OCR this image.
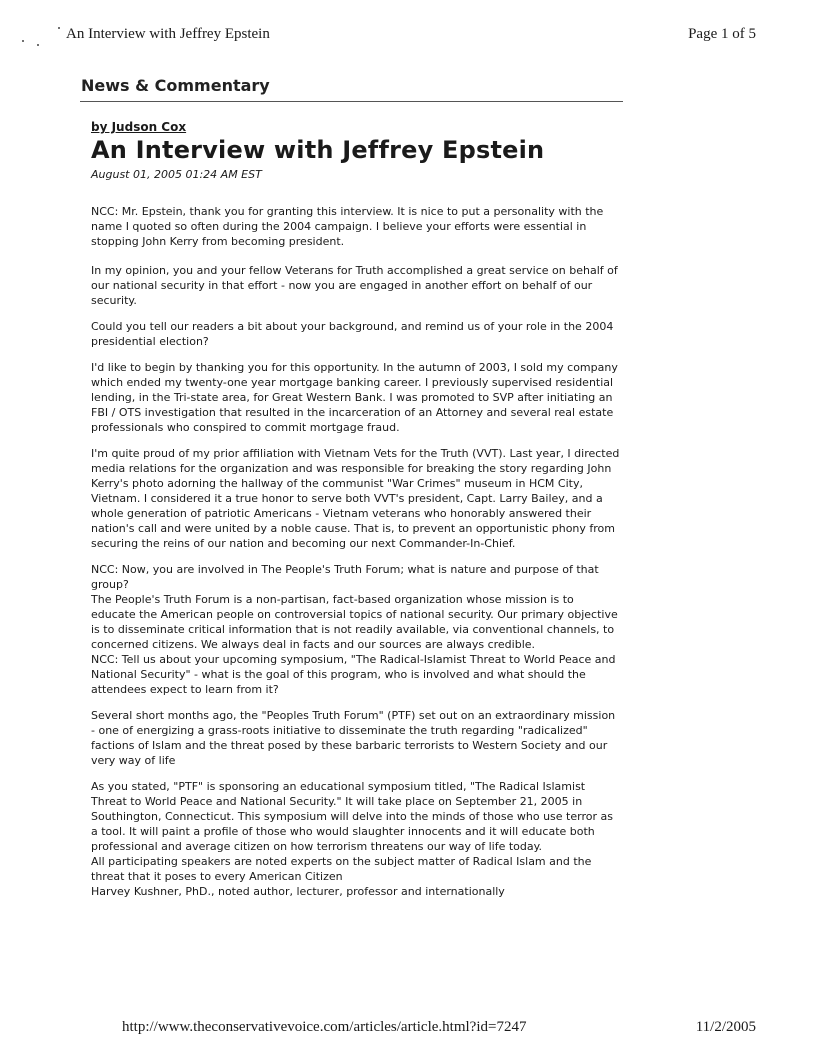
An Interview with Jeffrey Epstein	Page 1 of 5
News & Commentary

by Judson Cox

An Interview with Jeffrey Epstein

August 01, 2005 01:24 AM EST

NCC: Mr. Epstein, thank you for granting this interview. It is nice to put a personality with the name I quoted so often during the 2004 campaign. I believe your efforts were essential in stopping John Kerry from becoming president.

In my opinion, you and your fellow Veterans for Truth accomplished a great service on behalf of our national security in that effort - now you are engaged in another effort on behalf of our security.

Could you tell our readers a bit about your background, and remind us of your role in the 2004 presidential election?

I'd like to begin by thanking you for this opportunity. In the autumn of 2003, I sold my company which ended my twenty-one year mortgage banking career. I previously supervised residential lending, in the Tri-state area, for Great Western Bank. I was promoted to SVP after initiating an FBI / OTS investigation that resulted in the incarceration of an Attorney and several real estate professionals who conspired to commit mortgage fraud.

I'm quite proud of my prior affiliation with Vietnam Vets for the Truth (VVT). Last year, I directed media relations for the organization and was responsible for breaking the story regarding John Kerry's photo adorning the hallway of the communist "War Crimes" museum in HCM City, Vietnam. I considered it a true honor to serve both VVT's president, Capt. Larry Bailey, and a whole generation of patriotic Americans - Vietnam veterans who honorably answered their nation's call and were united by a noble cause. That is, to prevent an opportunistic phony from securing the reins of our nation and becoming our next Commander-In-Chief.

NCC: Now, you are involved in The People's Truth Forum; what is nature and purpose of that group?

The People's Truth Forum is a non-partisan, fact-based organization whose mission is to educate the American people on controversial topics of national security. Our primary objective is to disseminate critical information that is not readily available, via conventional channels, to concerned citizens. We always deal in facts and our sources are always credible.

NCC: Tell us about your upcoming symposium, "The Radical-Islamist Threat to World Peace and National Security" - what is the goal of this program, who is involved and what should the attendees expect to learn from it?

Several short months ago, the "Peoples Truth Forum" (PTF) set out on an extraordinary mission - one of energizing a grass-roots initiative to disseminate the truth regarding "radicalized" factions of Islam and the threat posed by these barbaric terrorists to Western Society and our very way of life

As you stated, "PTF" is sponsoring an educational symposium titled, "The Radical Islamist Threat to World Peace and National Security." It will take place on September 21, 2005 in Southington, Connecticut. This symposium will delve into the minds of those who use terror as a tool. It will paint a profile of those who would slaughter innocents and it will educate both professional and average citizen on how terrorism threatens our way of life today.

All participating speakers are noted experts on the subject matter of Radical Islam and the threat that it poses to every American Citizen

Harvey Kushner, PhD., noted author, lecturer, professor and internationally

http://www.theconservativevoice.com/articles/article.html?id=7247	11/2/2005
